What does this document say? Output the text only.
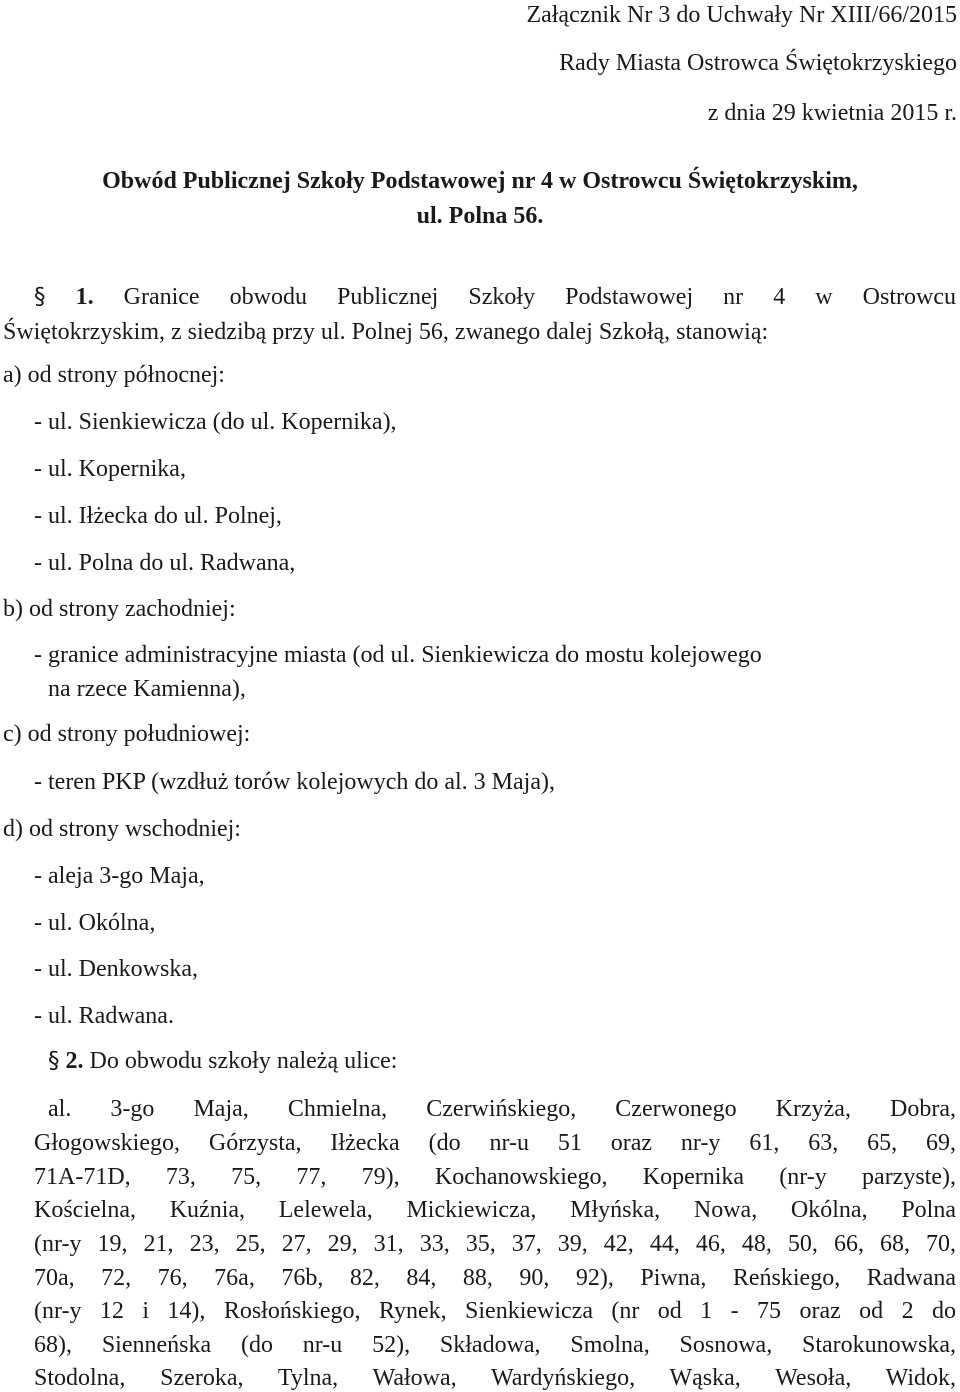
Załącznik Nr 3 do Uchwały Nr XIII/66/2015
Rady Miasta Ostrowca Świętokrzyskiego
z dnia 29 kwietnia 2015 r.
Obwód Publicznej Szkoły Podstawowej nr 4 w Ostrowcu Świętokrzyskim,
ul. Polna 56.
§ 1. Granice obwodu Publicznej Szkoły Podstawowej nr 4 w Ostrowcu
Świętokrzyskim, z siedzibą przy ul. Polnej 56, zwanego dalej Szkołą, stanowią:
a) od strony północnej:
- ul. Sienkiewicza (do ul. Kopernika),
- ul. Kopernika,
- ul. Iłżecka do ul. Polnej,
- ul. Polna do ul. Radwana,
b) od strony zachodniej:
- granice administracyjne miasta (od ul. Sienkiewicza do mostu kolejowego
na rzece Kamienna),
c) od strony południowej:
- teren PKP (wzdłuż torów kolejowych do al. 3 Maja),
d) od strony wschodniej:
- aleja 3-go Maja,
- ul. Okólna,
- ul. Denkowska,
- ul. Radwana.
§ 2. Do obwodu szkoły należą ulice:
al. 3-go Maja, Chmielna, Czerwińskiego, Czerwonego Krzyża, Dobra,
Głogowskiego, Górzysta, Iłżecka (do nr-u 51 oraz nr-y 61, 63, 65, 69,
71A-71D, 73, 75, 77, 79), Kochanowskiego, Kopernika (nr-y parzyste),
Kościelna, Kuźnia, Lelewela, Mickiewicza, Młyńska, Nowa, Okólna, Polna
(nr-y 19, 21, 23, 25, 27, 29, 31, 33, 35, 37, 39, 42, 44, 46, 48, 50, 66, 68, 70,
70a, 72, 76, 76a, 76b, 82, 84, 88, 90, 92), Piwna, Reńskiego, Radwana
(nr-y 12 i 14), Rosłońskiego, Rynek, Sienkiewicza (nr od 1 - 75 oraz od 2 do
68), Sienneńska (do nr-u 52), Składowa, Smolna, Sosnowa, Starokunowska,
Stodolna, Szeroka, Tylna, Wałowa, Wardyńskiego, Wąska, Wesoła, Widok,
